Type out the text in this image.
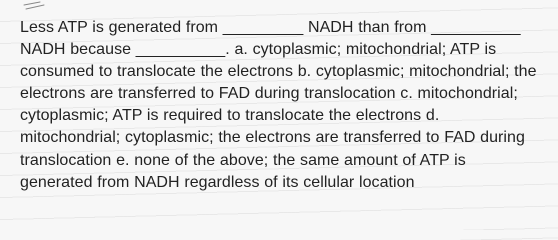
Less ATP is generated from _________ NADH than from __________ NADH because __________. a. cytoplasmic; mitochondrial; ATP is consumed to translocate the electrons b. cytoplasmic; mitochondrial; the electrons are transferred to FAD during translocation c. mitochondrial; cytoplasmic; ATP is required to translocate the electrons d. mitochondrial; cytoplasmic; the electrons are transferred to FAD during translocation e. none of the above; the same amount of ATP is generated from NADH regardless of its cellular location
